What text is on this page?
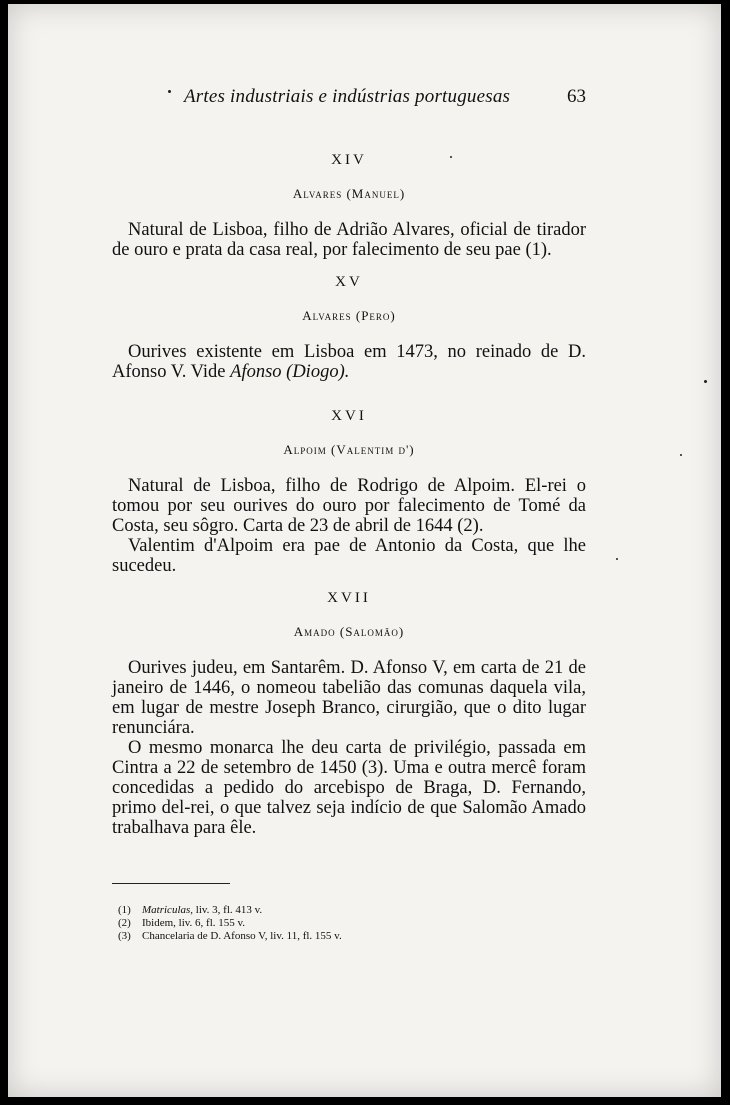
Artes industriais e indústrias portuguesas	63

XIV

Alvares (Manuel)

Natural de Lisboa, filho de Adrião Alvares, oficial de tirador de ouro e prata da casa real, por falecimento de seu pae (1).

XV

Alvares (Pero)

Ourives existente em Lisboa em 1473, no reinado de D. Afonso V. Vide Afonso (Diogo).

XVI

Alpoim (Valentim d')

Natural de Lisboa, filho de Rodrigo de Alpoim. El-rei o tomou por seu ourives do ouro por falecimento de Tomé da Costa, seu sôgro. Carta de 23 de abril de 1644 (2).

Valentim d'Alpoim era pae de Antonio da Costa, que lhe sucedeu.

XVII

Amado (Salomão)

Ourives judeu, em Santarêm. D. Afonso V, em carta de 21 de janeiro de 1446, o nomeou tabelião das comunas daquela vila, em lugar de mestre Joseph Branco, cirurgião, que o dito lugar renunciára.

O mesmo monarca lhe deu carta de privilégio, passada em Cintra a 22 de setembro de 1450 (3). Uma e outra mercê foram concedidas a pedido do arcebispo de Braga, D. Fernando, primo del-rei, o que talvez seja indício de que Salomão Amado trabalhava para êle.

(1) Matriculas, liv. 3, fl. 413 v.

(2) Ibidem, liv. 6, fl. 155 v.

(3) Chancelaria de D. Afonso V, liv. 11, fl. 155 v.
